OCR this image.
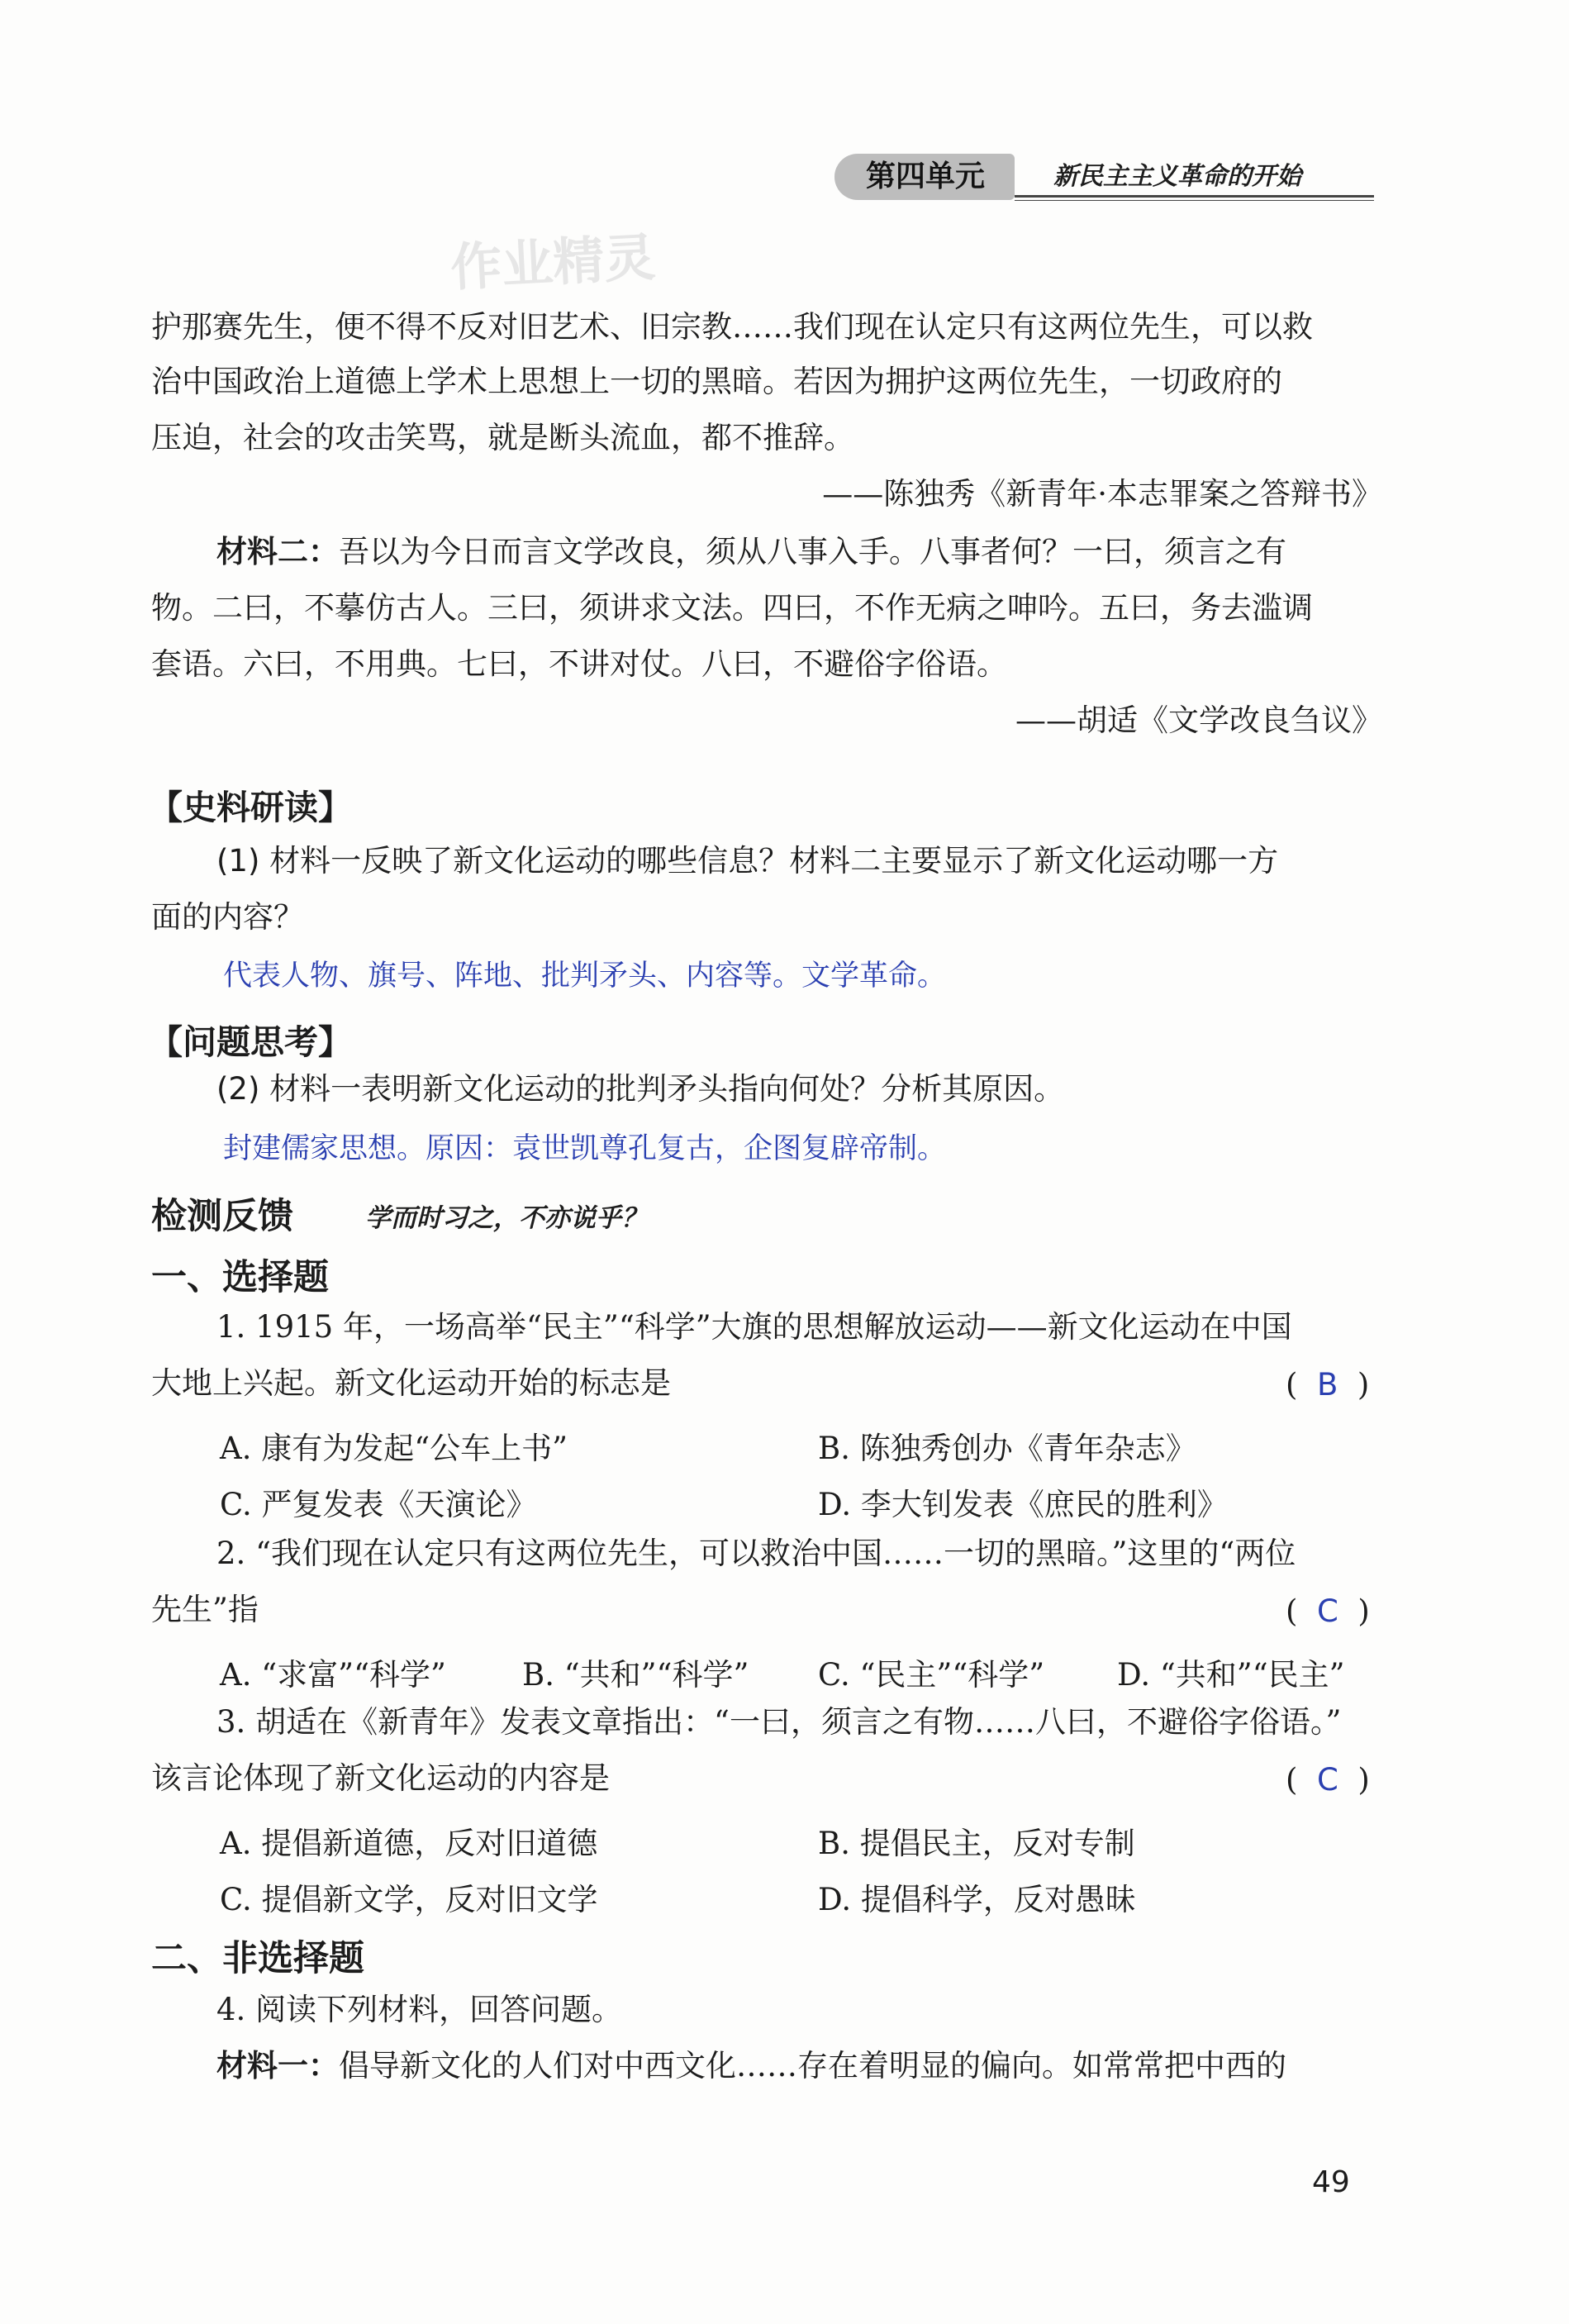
第四单元	新民主主义革命的开始
作业精灵
护那赛先生，便不得不反对旧艺术、旧宗教……我们现在认定只有这两位先生，可以救
治中国政治上道德上学术上思想上一切的黑暗。若因为拥护这两位先生，一切政府的
压迫，社会的攻击笑骂，就是断头流血，都不推辞。
——陈独秀《新青年·本志罪案之答辩书》
材料二：吾以为今日而言文学改良，须从八事入手。八事者何？一曰，须言之有
物。二曰，不摹仿古人。三曰，须讲求文法。四曰，不作无病之呻吟。五曰，务去滥调
套语。六曰，不用典。七曰，不讲对仗。八曰，不避俗字俗语。
——胡适《文学改良刍议》
【史料研读】
(1) 材料一反映了新文化运动的哪些信息？材料二主要显示了新文化运动哪一方
面的内容？
代表人物、旗号、阵地、批判矛头、内容等。文学革命。
【问题思考】
(2) 材料一表明新文化运动的批判矛头指向何处？分析其原因。
封建儒家思想。原因：袁世凯尊孔复古，企图复辟帝制。
检测反馈	学而时习之，不亦说乎？
一、选择题
1. 1915 年，一场高举“民主”“科学”大旗的思想解放运动——新文化运动在中国
大地上兴起。新文化运动开始的标志是	(  B  )
A. 康有为发起“公车上书”	B. 陈独秀创办《青年杂志》
C. 严复发表《天演论》	D. 李大钊发表《庶民的胜利》
2. “我们现在认定只有这两位先生，可以救治中国……一切的黑暗。”这里的“两位
先生”指	(  C  )
A. “求富”“科学” B. “共和”“科学” C. “民主”“科学” D. “共和”“民主”
3. 胡适在《新青年》发表文章指出：“一曰，须言之有物……八曰，不避俗字俗语。”
该言论体现了新文化运动的内容是	(  C  )
A. 提倡新道德，反对旧道德	B. 提倡民主，反对专制
C. 提倡新文学，反对旧文学	D. 提倡科学，反对愚昧
二、非选择题
4. 阅读下列材料，回答问题。
材料一：倡导新文化的人们对中西文化……存在着明显的偏向。如常常把中西的
49
